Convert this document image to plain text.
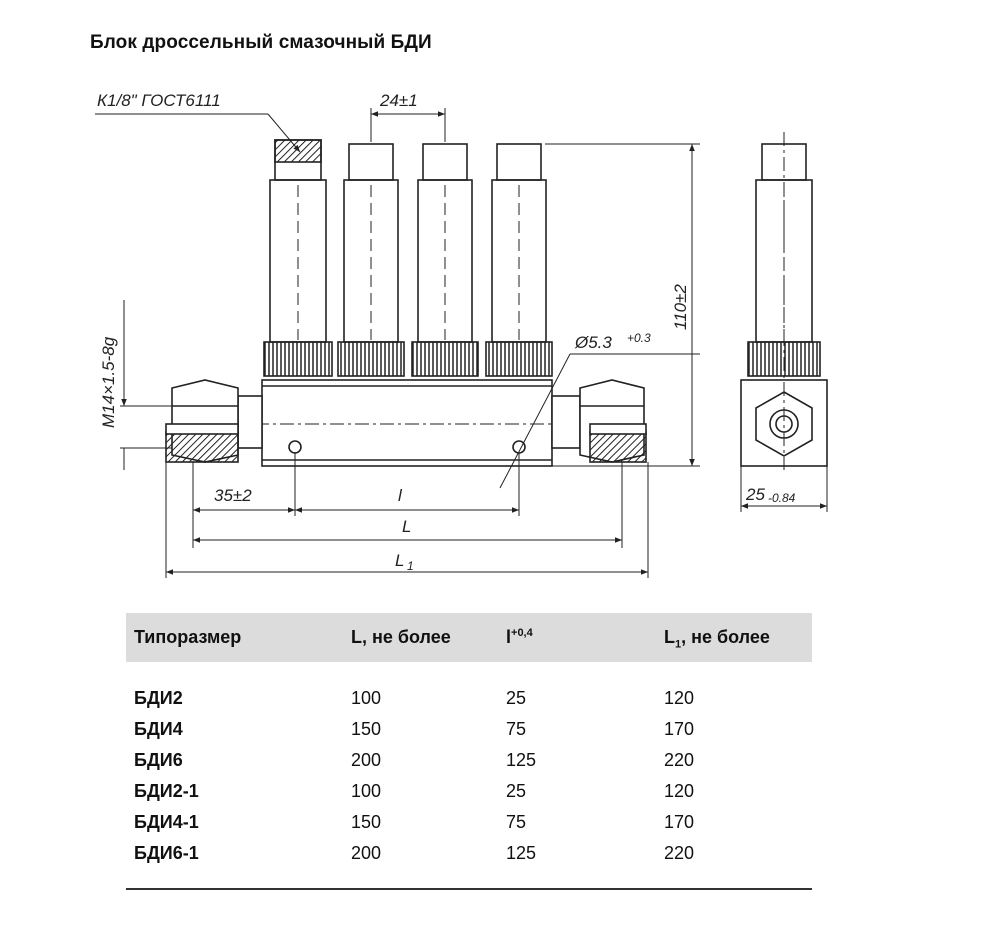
Блок дроссельный смазочный БДИ
К1/8" ГОСТ6111	24±1
110±2
Ø5.3 +0.3
M14×1.5-8g
35±2	l
L
L 1
25 -0.84
Типоразмер	L, не более	$l^{+0,4}$	$L_1$, не более
БДИ2	100	25	120
БДИ4	150	75	170
БДИ6	200	125	220
БДИ2-1	100	25	120
БДИ4-1	150	75	170
БДИ6-1	200	125	220
